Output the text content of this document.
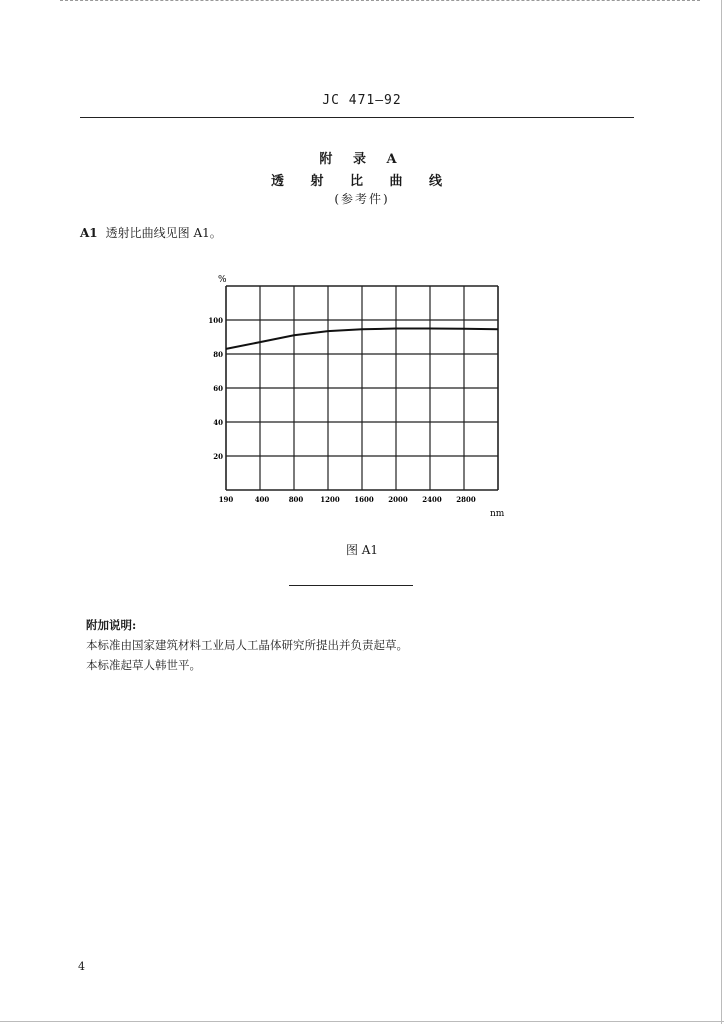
JC 471—92
附 录 A
透 射 比 曲 线
(参考件)
A1 透射比曲线见图 A1。
20
40
60
80
100
190	400	800 1200 1600 2000 2400 2800
%
nm
图 A1
附加说明:
本标准由国家建筑材料工业局人工晶体研究所提出并负责起草。
本标准起草人韩世平。
4
